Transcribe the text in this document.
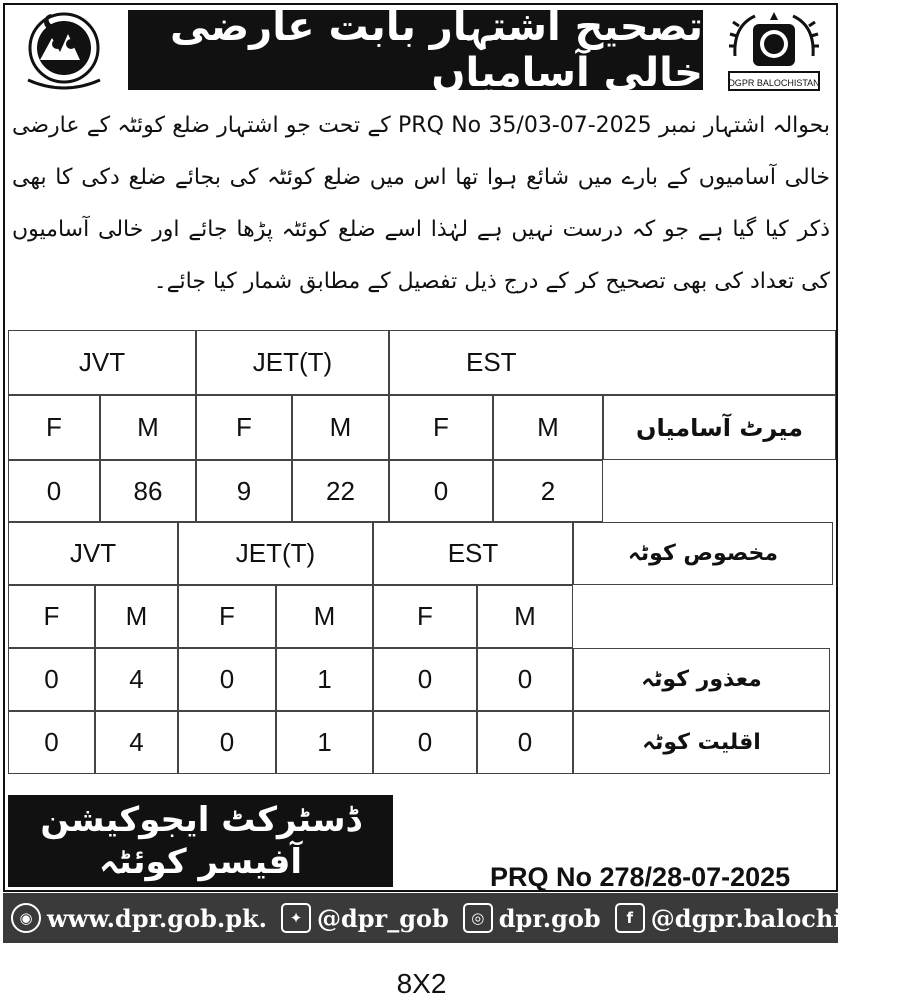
تصحیح اشتہار بابت عارضی خالی آسامیاں	DGPR BALOCHISTAN
بحوالہ اشتہار نمبر PRQ No 35/03-07-2025 کے تحت جو اشتہار ضلع کوئٹہ کے عارضی خالی آسامیوں کے بارے میں شائع ہوا تھا اس میں ضلع کوئٹہ کی بجائے ضلع دکی کا بھی ذکر کیا گیا ہے جو کہ درست نہیں ہے لہٰذا اسے ضلع کوئٹہ پڑھا جائے اور خالی آسامیوں کی تعداد کی بھی تصحیح کر کے درج ذیل تفصیل کے مطابق شمار کیا جائے۔
JVT	JET(T)	EST
F	M	F	M	F	M	میرٹ آسامیاں
0	86	9	22	0	2
JVT	JET(T)	EST	مخصوص کوٹہ
F	M	F	M	F	M
0	4	0	1	0	0	معذور کوٹہ
0	4	0	1	0	0	اقلیت کوٹہ
ڈسٹرکٹ ایجوکیشن
آفیسر کوئٹہ	PRQ No 278/28-07-2025
◉ www.dpr.gob.pk.	✦ @dpr_gob	◎ dpr.gob	f @dgpr.balochistan
8X2
